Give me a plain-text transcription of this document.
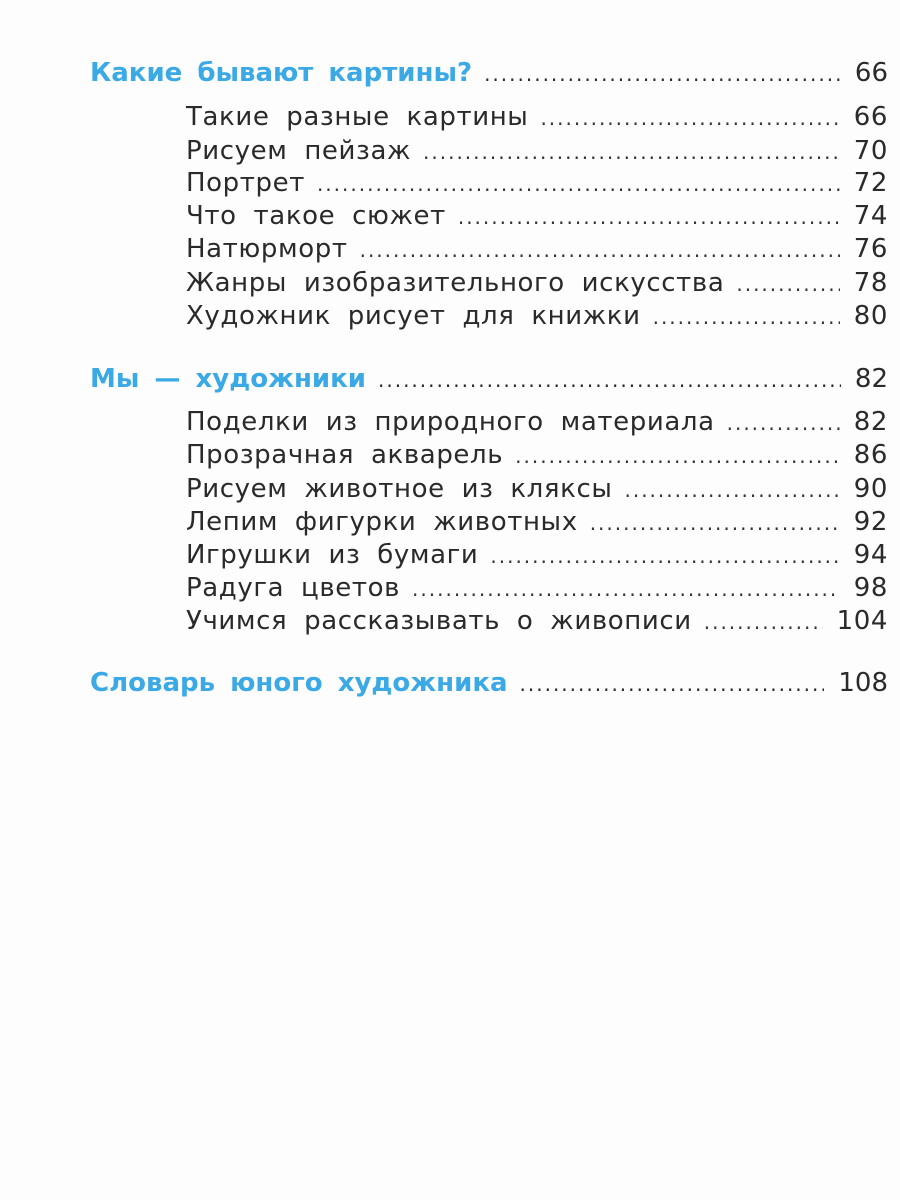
Какие бывают картины? .....	66
Такие разные картины .....	66
Рисуем пейзаж .....	70
Портрет .....	72
Что такое сюжет .....	74
Натюрморт .....	76
Жанры изобразительного искусства .....	78
Художник рисует для книжки .....	80
Мы — художники .....	82
Поделки из природного материала .....	82
Прозрачная акварель .....	86
Рисуем животное из кляксы .....	90
Лепим фигурки животных .....	92
Игрушки из бумаги .....	94
Радуга цветов .....	98
Учимся рассказывать о живописи .....	104
Словарь юного художника .....	108
